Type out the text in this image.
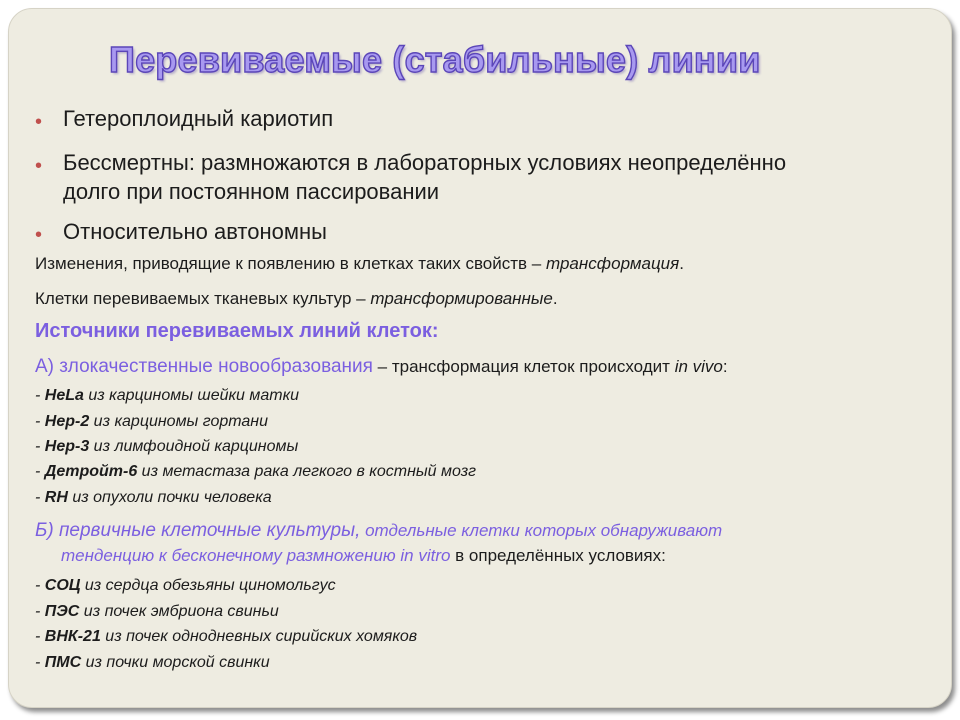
Перевиваемые (стабильные) линии
• Гетероплоидный кариотип
• Бессмертны: размножаются в лабораторных условиях неопределённо
долго при постоянном пассировании
• Относительно автономны
Изменения, приводящие к появлению в клетках таких свойств – трансформация.
Клетки перевиваемых тканевых культур – трансформированные.
Источники перевиваемых линий клеток:
А) злокачественные новообразования – трансформация клеток происходит in vivo:
- HeLa из карциномы шейки матки
- Hep-2 из карциномы гортани
- Hep-3 из лимфоидной карциномы
- Детройт-6 из метастаза рака легкого в костный мозг
- RH из опухоли почки человека
Б) первичные клеточные культуры, отдельные клетки которых обнаруживают
тенденцию к бесконечному размножению in vitro в определённых условиях:
- СОЦ из сердца обезьяны циномольгус
- ПЭС из почек эмбриона свиньи
- ВНК-21 из почек однодневных сирийских хомяков
- ПМС из почки морской свинки
